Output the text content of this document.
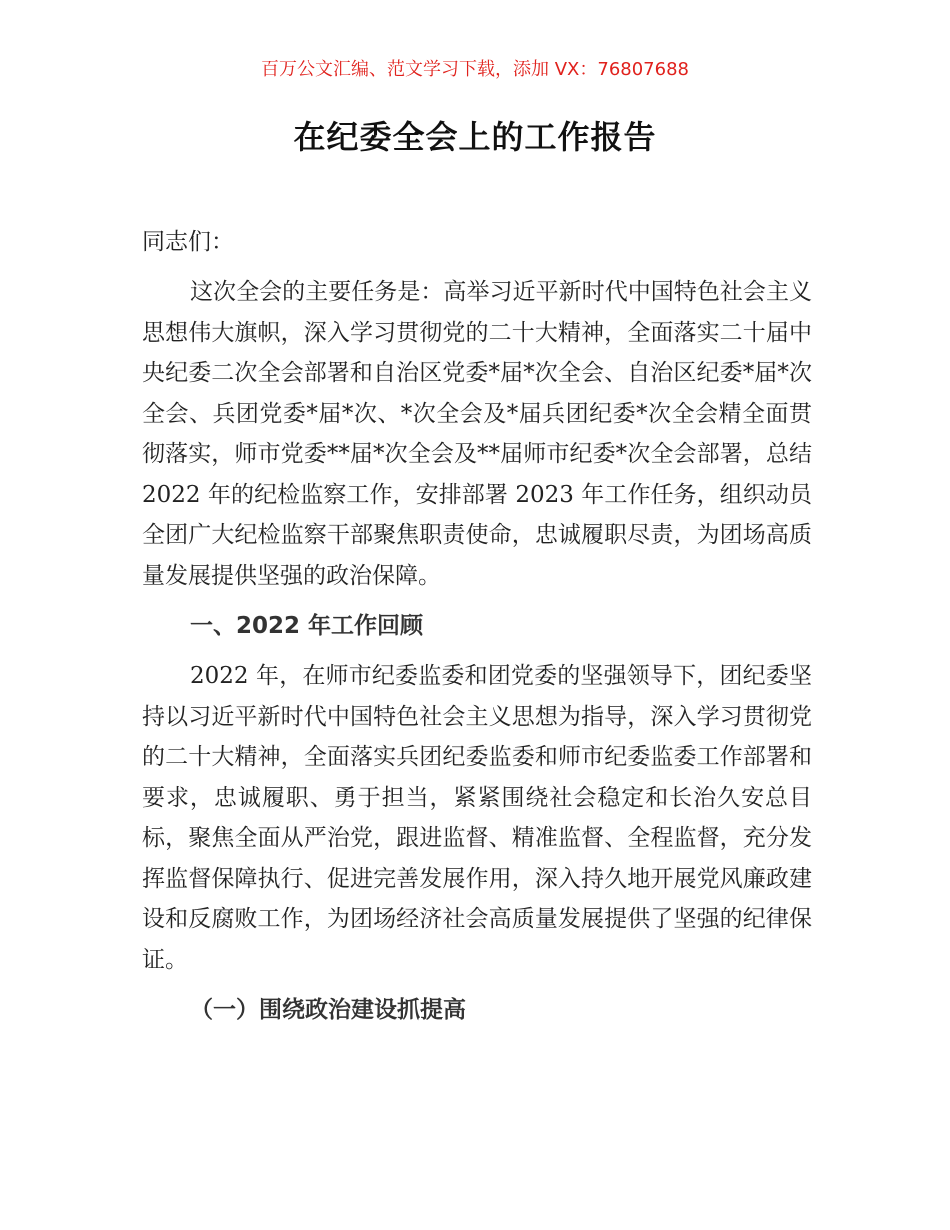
百万公文汇编、范文学习下载，添加 VX：76807688
在纪委全会上的工作报告

同志们：

这次全会的主要任务是：高举习近平新时代中国特色社会主义思想伟大旗帜，深入学习贯彻党的二十大精神，全面落实二十届中央纪委二次全会部署和自治区党委*届*次全会、自治区纪委*届*次全会、兵团党委*届*次、*次全会及*届兵团纪委*次全会精全面贯彻落实，师市党委**届*次全会及**届师市纪委*次全会部署，总结 2022 年的纪检监察工作，安排部署 2023 年工作任务，组织动员全团广大纪检监察干部聚焦职责使命，忠诚履职尽责，为团场高质量发展提供坚强的政治保障。

一、2022 年工作回顾

2022 年，在师市纪委监委和团党委的坚强领导下，团纪委坚持以习近平新时代中国特色社会主义思想为指导，深入学习贯彻党的二十大精神，全面落实兵团纪委监委和师市纪委监委工作部署和要求，忠诚履职、勇于担当，紧紧围绕社会稳定和长治久安总目标，聚焦全面从严治党，跟进监督、精准监督、全程监督，充分发挥监督保障执行、促进完善发展作用，深入持久地开展党风廉政建设和反腐败工作，为团场经济社会高质量发展提供了坚强的纪律保证。

（一）围绕政治建设抓提高
